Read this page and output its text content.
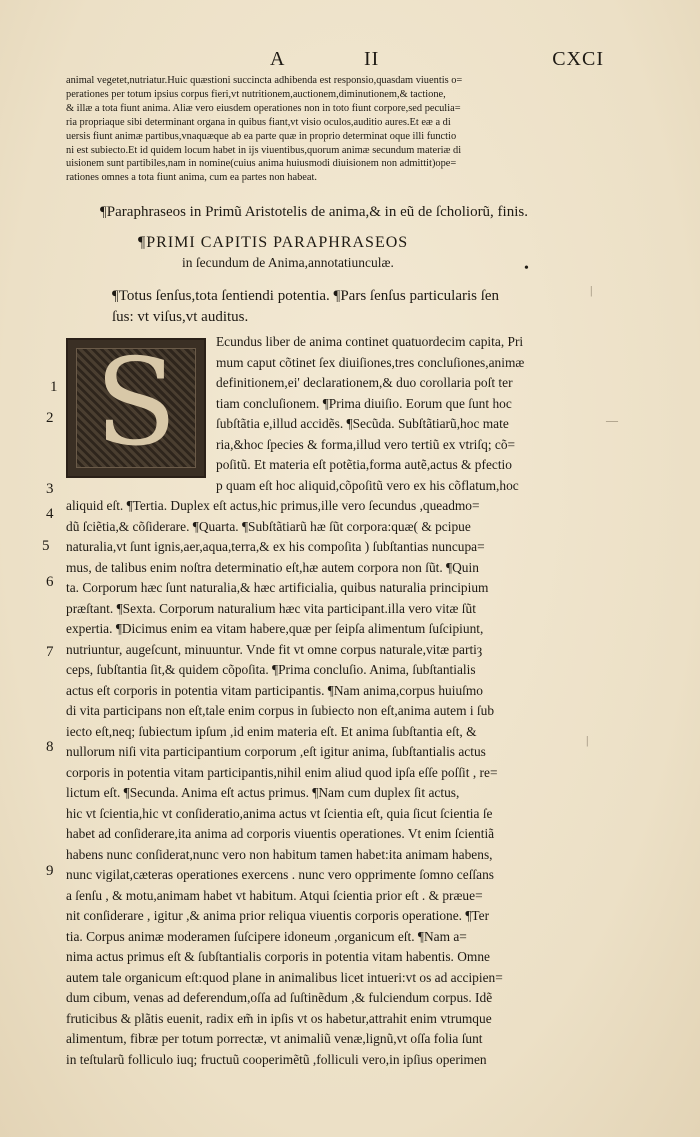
A	II	CXCI
animal vegetet,nutriatur.Huic quæstioni succincta adhibenda est responsio,quasdam viuentis o=
perationes per totum ipsius corpus fieri,vt nutritionem,auctionem,diminutionem,& tactione,
& illæ a tota fiunt anima. Aliæ vero eiusdem operationes non in toto fiunt corpore,sed peculia=
ria propriaque sibi determinant organa in quibus fiant,vt visio oculos,auditio aures.Et eæ a di
uersis fiunt animæ partibus,vnaquæque ab ea parte quæ in proprio determinat oque illi functio
ni est subiecto.Et id quidem locum habet in ijs viuentibus,quorum animæ secundum materiæ di
uisionem sunt partibiles,nam in nomine(cuius anima huiusmodi diuisionem non admittit)ope=
rationes omnes a tota fiunt anima, cum ea partes non habeat.
¶Paraphraseos in Primũ Aristotelis de anima,& in eũ de ſcholiorũ, finis.
¶PRIMI CAPITIS PARAPHRASEOS
in ſecundum de Anima,annotatiunculæ.	•
¶Totus ſenſus,tota ſentiendi potentia. ¶Pars ſenſus particularis ſen
ſus: vt viſus,vt auditus.
S	Ecundus liber de anima continet quatuordecim capita, Pri
mum caput cõtinet ſex diuiſiones,tres concluſiones,animæ
definitionem,ei' declarationem,& duo corollaria poſt ter
tiam concluſionem. ¶Prima diuiſio. Eorum que ſunt hoc
ſubſtãtia e,illud accidẽs. ¶Secũda. Subſtãtiarũ,hoc mate
ria,&hoc ſpecies & forma,illud vero tertiũ ex vtriſq; cõ=
poſitũ. Et materia eſt potẽtia,forma autẽ,actus & pfectio
p quam eſt hoc aliquid,cõpoſitũ vero ex his cõflatum,hoc
aliquid eſt. ¶Tertia. Duplex eſt actus,hic primus,ille vero ſecundus ,queadmo=
dũ ſciẽtia,& cõſiderare. ¶Quarta. ¶Subſtãtiarũ hæ ſũt corpora:quæ( & pcipue
naturalia,vt ſunt ignis,aer,aqua,terra,& ex his compoſita ) ſubſtantias nuncupa=
mus, de talibus enim noſtra determinatio eſt,hæ autem corpora non ſũt. ¶Quin
ta. Corporum hæc ſunt naturalia,& hæc artificialia, quibus naturalia principium
præſtant. ¶Sexta. Corporum naturalium hæc vita participant.illa vero vitæ ſũt
expertia. ¶Dicimus enim ea vitam habere,quæ per ſeipſa alimentum ſuſcipiunt,
nutriuntur, augeſcunt, minuuntur. Vnde fit vt omne corpus naturale,vitæ partiȝ
ceps, ſubſtantia ſit,& quidem cõpoſita. ¶Prima concluſio. Anima, ſubſtantialis
actus eſt corporis in potentia vitam participantis. ¶Nam anima,corpus huiuſmo
di vita participans non eſt,tale enim corpus in ſubiecto non eſt,anima autem i ſub
iecto eſt,neq; ſubiectum ipſum ,id enim materia eſt. Et anima ſubſtantia eſt, &
nullorum niſi vita participantium corporum ,eſt igitur anima, ſubſtantialis actus
corporis in potentia vitam participantis,nihil enim aliud quod ipſa eſſe poſſit , re=
lictum eſt. ¶Secunda. Anima eſt actus primus. ¶Nam cum duplex ſit actus,
hic vt ſcientia,hic vt conſideratio,anima actus vt ſcientia eſt, quia ſicut ſcientia ſe
habet ad conſiderare,ita anima ad corporis viuentis operationes. Vt enim ſcientiã
habens nunc conſiderat,nunc vero non habitum tamen habet:ita animam habens,
nunc vigilat,cæteras operationes exercens . nunc vero opprimente ſomno ceſſans
a ſenſu , & motu,animam habet vt habitum. Atqui ſcientia prior eſt . & præue=
nit conſiderare , igitur ,& anima prior reliqua viuentis corporis operatione. ¶Ter
tia. Corpus animæ moderamen ſuſcipere idoneum ,organicum eſt. ¶Nam a=
nima actus primus eſt & ſubſtantialis corporis in potentia vitam habentis. Omne
autem tale organicum eſt:quod plane in animalibus licet intueri:vt os ad accipien=
dum cibum, venas ad deferendum,oſſa ad ſuſtinẽdum ,& fulciendum corpus. Idẽ
fruticibus & plãtis euenit, radix em̃ in ipſis vt os habetur,attrahit enim vtrumque
alimentum, fibræ per totum porrectæ, vt animaliũ venæ,lignũ,vt oſſa folia ſunt
in teſtularũ folliculo iuq; fructuũ cooperimẽtũ ,folliculi vero,in ipſius operimen
1
2
3
4
5
6
7
8
9
|
—
|
